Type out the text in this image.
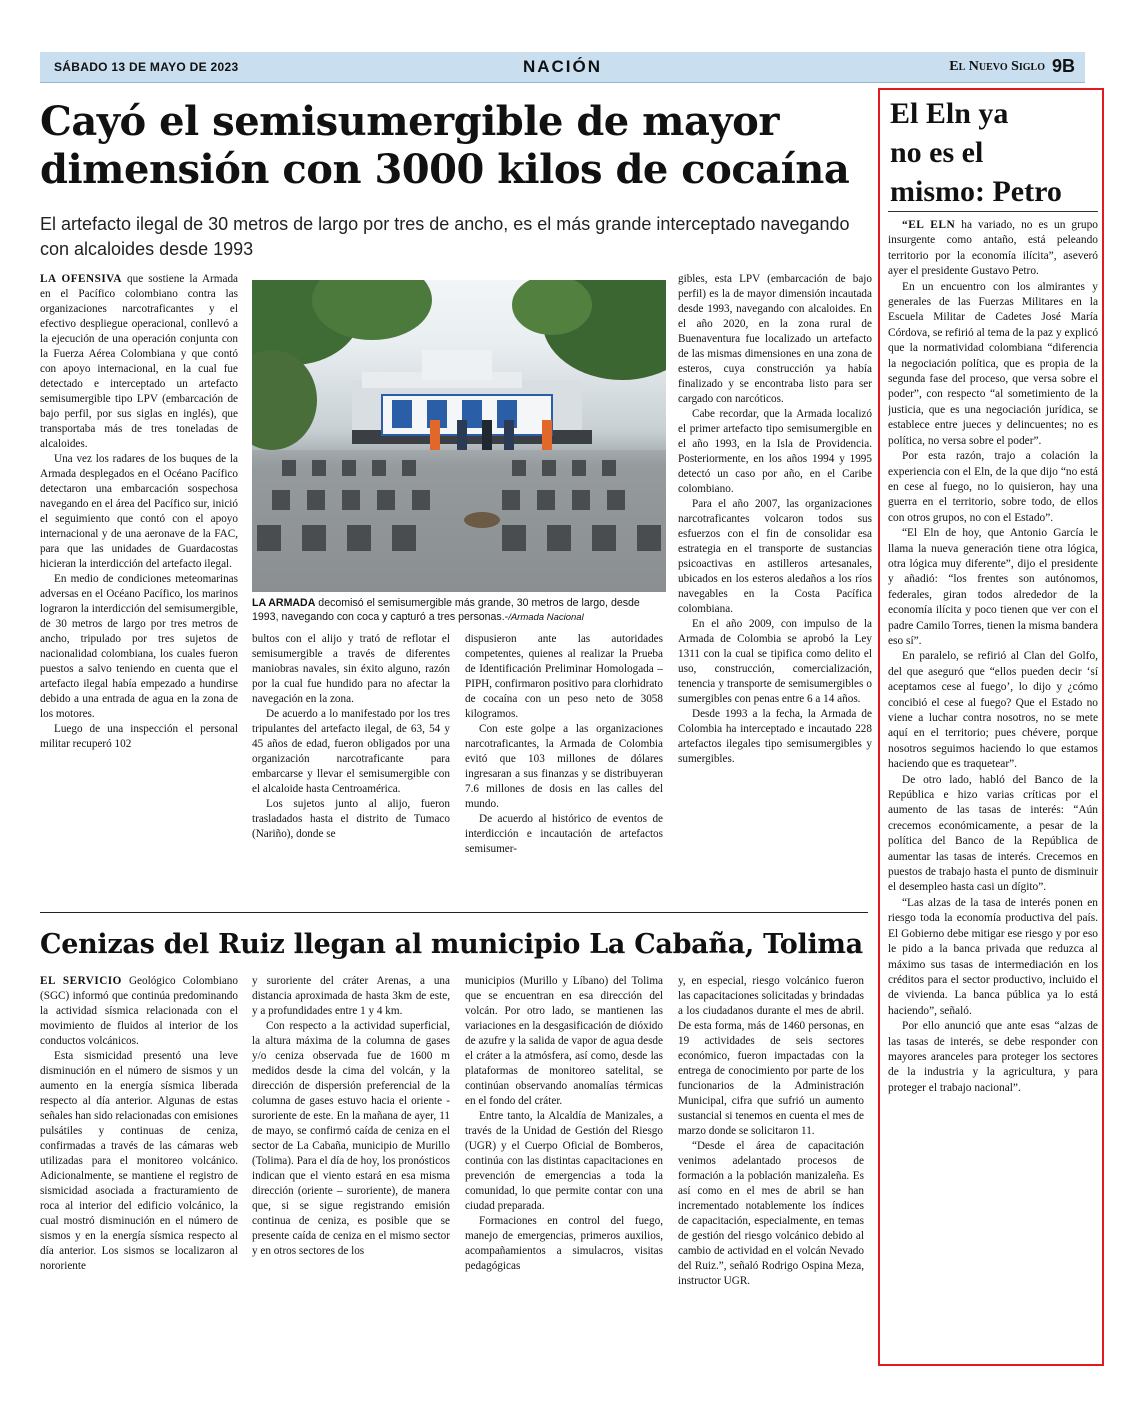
SÁBADO 13 DE MAYO DE 2023	NACIÓN	El Nuevo Siglo 9B
Cayó el semisumergible de mayor
dimensión con 3000 kilos de cocaína

El artefacto ilegal de 30 metros de largo por tres de ancho, es el más grande interceptado navegando con alcaloides desde 1993

LA OFENSIVA que sostiene la Armada en el Pacífico colombiano contra las organizaciones narcotraficantes y el efectivo despliegue operacional, conllevó a la ejecución de una operación conjunta con la Fuerza Aérea Colombiana y que contó con apoyo internacional, en la cual fue detectado e interceptado un artefacto semisumergible tipo LPV (embarcación de bajo perfil, por sus siglas en inglés), que transportaba más de tres toneladas de alcaloides.

Una vez los radares de los buques de la Armada desplegados en el Océano Pacífico detectaron una embarcación sospechosa navegando en el área del Pacífico sur, inició el seguimiento que contó con el apoyo internacional y de una aeronave de la FAC, para que las unidades de Guardacostas hicieran la interdicción del artefacto ilegal.

En medio de condiciones meteomarinas adversas en el Océano Pacífico, los marinos lograron la interdicción del semisumergible, de 30 metros de largo por tres metros de ancho, tripulado por tres sujetos de nacionalidad colombiana, los cuales fueron puestos a salvo teniendo en cuenta que el artefacto ilegal había empezado a hundirse debido a una entrada de agua en la zona de los motores.

Luego de una inspección el personal militar recuperó 102

LA ARMADA decomisó el semisumergible más grande, 30 metros de largo, desde 1993, navegando con coca y capturó a tres personas.-/Armada Nacional

bultos con el alijo y trató de reflotar el semisumergible a través de diferentes maniobras navales, sin éxito alguno, razón por la cual fue hundido para no afectar la navegación en la zona.

De acuerdo a lo manifestado por los tres tripulantes del artefacto ilegal, de 63, 54 y 45 años de edad, fueron obligados por una organización narcotraficante para embarcarse y llevar el semisumergible con el alcaloide hasta Centroamérica.

Los sujetos junto al alijo, fueron trasladados hasta el distrito de Tumaco (Nariño), donde se

dispusieron ante las autoridades competentes, quienes al realizar la Prueba de Identificación Preliminar Homologada – PIPH, confirmaron positivo para clorhidrato de cocaína con un peso neto de 3058 kilogramos.

Con este golpe a las organizaciones narcotraficantes, la Armada de Colombia evitó que 103 millones de dólares ingresaran a sus finanzas y se distribuyeran 7.6 millones de dosis en las calles del mundo.

De acuerdo al histórico de eventos de interdicción e incautación de artefactos semisumer-

gibles, esta LPV (embarcación de bajo perfil) es la de mayor dimensión incautada desde 1993, navegando con alcaloides. En el año 2020, en la zona rural de Buenaventura fue localizado un artefacto de las mismas dimensiones en una zona de esteros, cuya construcción ya había finalizado y se encontraba listo para ser cargado con narcóticos.

Cabe recordar, que la Armada localizó el primer artefacto tipo semisumergible en el año 1993, en la Isla de Providencia. Posteriormente, en los años 1994 y 1995 detectó un caso por año, en el Caribe colombiano.

Para el año 2007, las organizaciones narcotraficantes volcaron todos sus esfuerzos con el fin de consolidar esa estrategia en el transporte de sustancias psicoactivas en astilleros artesanales, ubicados en los esteros aledaños a los ríos navegables en la Costa Pacífica colombiana.

En el año 2009, con impulso de la Armada de Colombia se aprobó la Ley 1311 con la cual se tipifica como delito el uso, construcción, comercialización, tenencia y transporte de semisumergibles o sumergibles con penas entre 6 a 14 años.

Desde 1993 a la fecha, la Armada de Colombia ha interceptado e incautado 228 artefactos ilegales tipo semisumergibles y sumergibles.

Cenizas del Ruiz llegan al municipio La Cabaña, Tolima

EL SERVICIO Geológico Colombiano (SGC) informó que continúa predominando la actividad sísmica relacionada con el movimiento de fluidos al interior de los conductos volcánicos.

Esta sismicidad presentó una leve disminución en el número de sismos y un aumento en la energía sísmica liberada respecto al día anterior. Algunas de estas señales han sido relacionadas con emisiones pulsátiles y continuas de ceniza, confirmadas a través de las cámaras web utilizadas para el monitoreo volcánico. Adicionalmente, se mantiene el registro de sismicidad asociada a fracturamiento de roca al interior del edificio volcánico, la cual mostró disminución en el número de sismos y en la energía sísmica respecto al día anterior. Los sismos se localizaron al nororiente

y suroriente del cráter Arenas, a una distancia aproximada de hasta 3km de este, y a profundidades entre 1 y 4 km.

Con respecto a la actividad superficial, la altura máxima de la columna de gases y/o ceniza observada fue de 1600 m medidos desde la cima del volcán, y la dirección de dispersión preferencial de la columna de gases estuvo hacia el oriente - suroriente de este. En la mañana de ayer, 11 de mayo, se confirmó caída de ceniza en el sector de La Cabaña, municipio de Murillo (Tolima). Para el día de hoy, los pronósticos indican que el viento estará en esa misma dirección (oriente – suroriente), de manera que, si se sigue registrando emisión continua de ceniza, es posible que se presente caída de ceniza en el mismo sector y en otros sectores de los

municipios (Murillo y Líbano) del Tolima que se encuentran en esa dirección del volcán. Por otro lado, se mantienen las variaciones en la desgasificación de dióxido de azufre y la salida de vapor de agua desde el cráter a la atmósfera, así como, desde las plataformas de monitoreo satelital, se continúan observando anomalías térmicas en el fondo del cráter.

Entre tanto, la Alcaldía de Manizales, a través de la Unidad de Gestión del Riesgo (UGR) y el Cuerpo Oficial de Bomberos, continúa con las distintas capacitaciones en prevención de emergencias a toda la comunidad, lo que permite contar con una ciudad preparada.

Formaciones en control del fuego, manejo de emergencias, primeros auxilios, acompañamientos a simulacros, visitas pedagógicas

y, en especial, riesgo volcánico fueron las capacitaciones solicitadas y brindadas a los ciudadanos durante el mes de abril. De esta forma, más de 1460 personas, en 19 actividades de seis sectores económico, fueron impactadas con la entrega de conocimiento por parte de los funcionarios de la Administración Municipal, cifra que sufrió un aumento sustancial si tenemos en cuenta el mes de marzo donde se solicitaron 11.

“Desde el área de capacitación venimos adelantado procesos de formación a la población manizaleña. Es así como en el mes de abril se han incrementado notablemente los índices de capacitación, especialmente, en temas de gestión del riesgo volcánico debido al cambio de actividad en el volcán Nevado del Ruiz.”, señaló Rodrigo Ospina Meza, instructor UGR.

El Eln ya
no es el
mismo: Petro

“EL ELN ha variado, no es un grupo insurgente como antaño, está peleando territorio por la economía ilícita”, aseveró ayer el presidente Gustavo Petro.

En un encuentro con los almirantes y generales de las Fuerzas Militares en la Escuela Militar de Cadetes José María Córdova, se refirió al tema de la paz y explicó que la normatividad colombiana “diferencia la negociación política, que es propia de la segunda fase del proceso, que versa sobre el poder”, con respecto “al sometimiento de la justicia, que es una negociación jurídica, se establece entre jueces y delincuentes; no es política, no versa sobre el poder”.

Por esta razón, trajo a colación la experiencia con el Eln, de la que dijo “no está en cese al fuego, no lo quisieron, hay una guerra en el territorio, sobre todo, de ellos con otros grupos, no con el Estado”.

“El Eln de hoy, que Antonio García le llama la nueva generación tiene otra lógica, otra lógica muy diferente”, dijo el presidente y añadió: “los frentes son autónomos, federales, giran todos alrededor de la economía ilícita y poco tienen que ver con el padre Camilo Torres, tienen la misma bandera eso sí”.

En paralelo, se refirió al Clan del Golfo, del que aseguró que “ellos pueden decir ‘sí aceptamos cese al fuego’, lo dijo y ¿cómo concibió el cese al fuego? Que el Estado no viene a luchar contra nosotros, no se mete aquí en el territorio; pues chévere, porque nosotros seguimos haciendo lo que estamos haciendo que es traquetear”.

De otro lado, habló del Banco de la República e hizo varias críticas por el aumento de las tasas de interés: “Aún crecemos económicamente, a pesar de la política del Banco de la República de aumentar las tasas de interés. Crecemos en puestos de trabajo hasta el punto de disminuir el desempleo hasta casi un dígito”.

“Las alzas de la tasa de interés ponen en riesgo toda la economía productiva del país. El Gobierno debe mitigar ese riesgo y por eso le pido a la banca privada que reduzca al máximo sus tasas de intermediación en los créditos para el sector productivo, incluido el de vivienda. La banca pública ya lo está haciendo”, señaló.

Por ello anunció que ante esas “alzas de las tasas de interés, se debe responder con mayores aranceles para proteger los sectores de la industria y la agricultura, y para proteger el trabajo nacional”.
